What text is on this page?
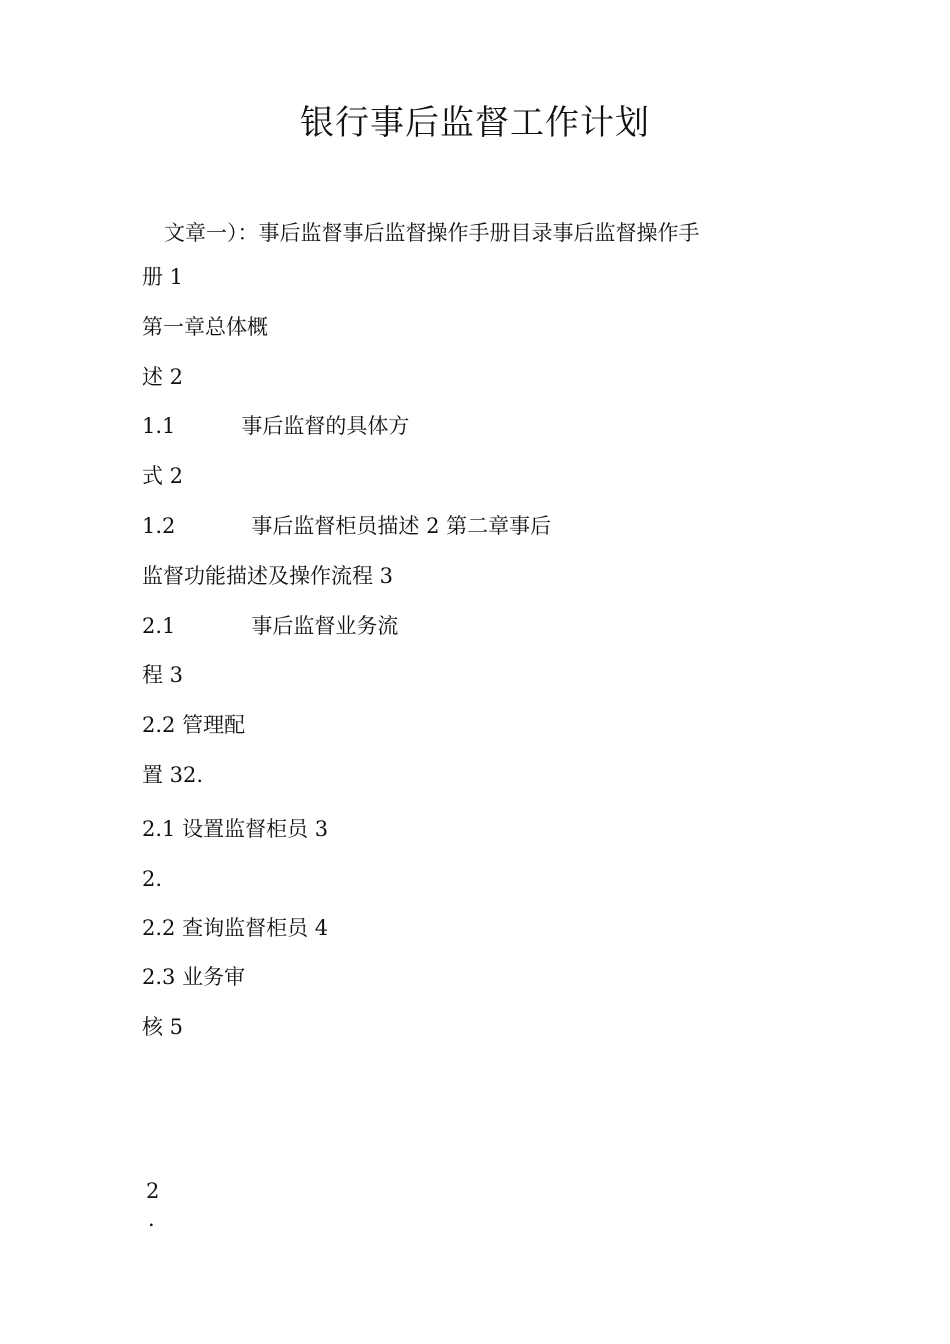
银行事后监督工作计划

文章一）：事后监督事后监督操作手册目录事后监督操作手

册 1

第一章总体概

述 2

1.1	事后监督的具体方

式 2

1.2	事后监督柜员描述 2 第二章事后

监督功能描述及操作流程 3

2.1	事后监督业务流

程 3

2.2 管理配

置 32.

2.1 设置监督柜员 3

2.

2.2 查询监督柜员 4

2.3 业务审

核 5

2
.
